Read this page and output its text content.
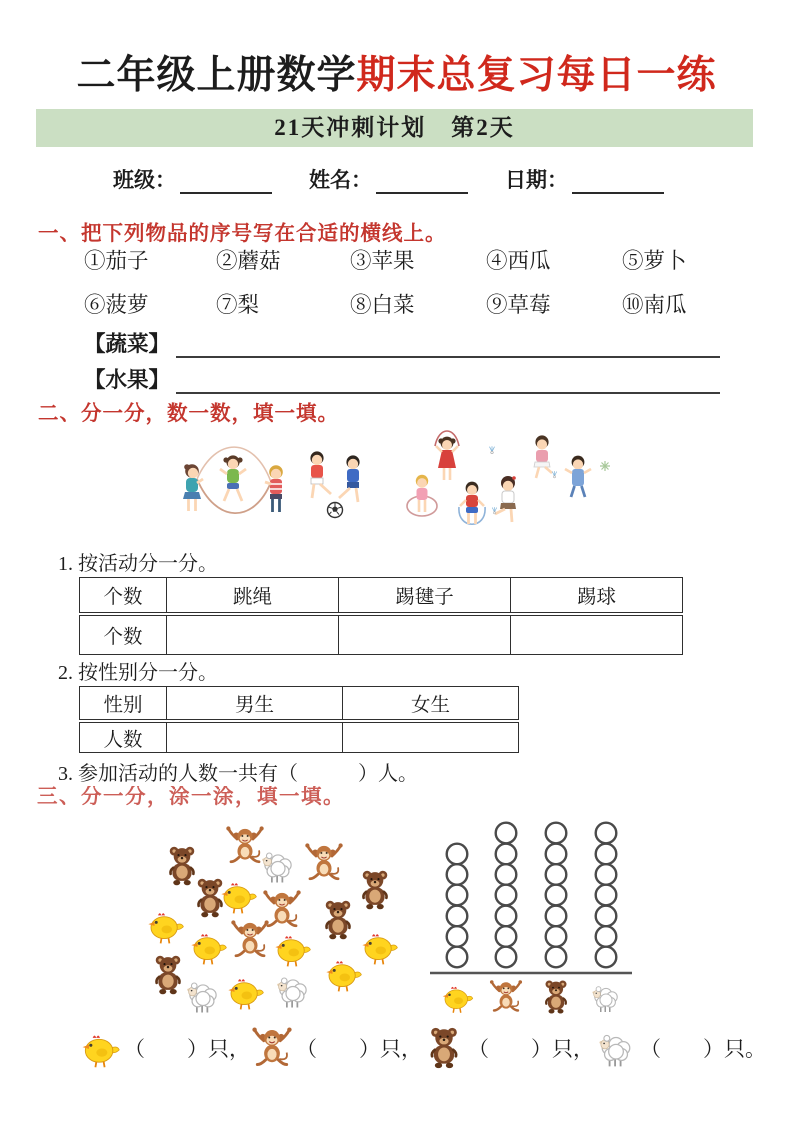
二年级上册数学期末总复习每日一练
21天冲刺计划　第2天
班级：	姓名：	日期：
一、把下列物品的序号写在合适的横线上。
①茄子	②蘑菇	③苹果	④西瓜	⑤萝卜
⑥菠萝	⑦梨	⑧白菜	⑨草莓	⑩南瓜
【蔬菜】
【水果】
二、分一分，数一数，填一填。
1. 按活动分一分。
个数	跳绳	踢毽子	踢球
个数			
2. 按性别分一分。
性别	男生	女生
人数		
3. 参加活动的人数一共有（　　　）人。
三、分一分，涂一涂，填一填。
（　　）只， （　　）只， （　　）只， （　　）只。
